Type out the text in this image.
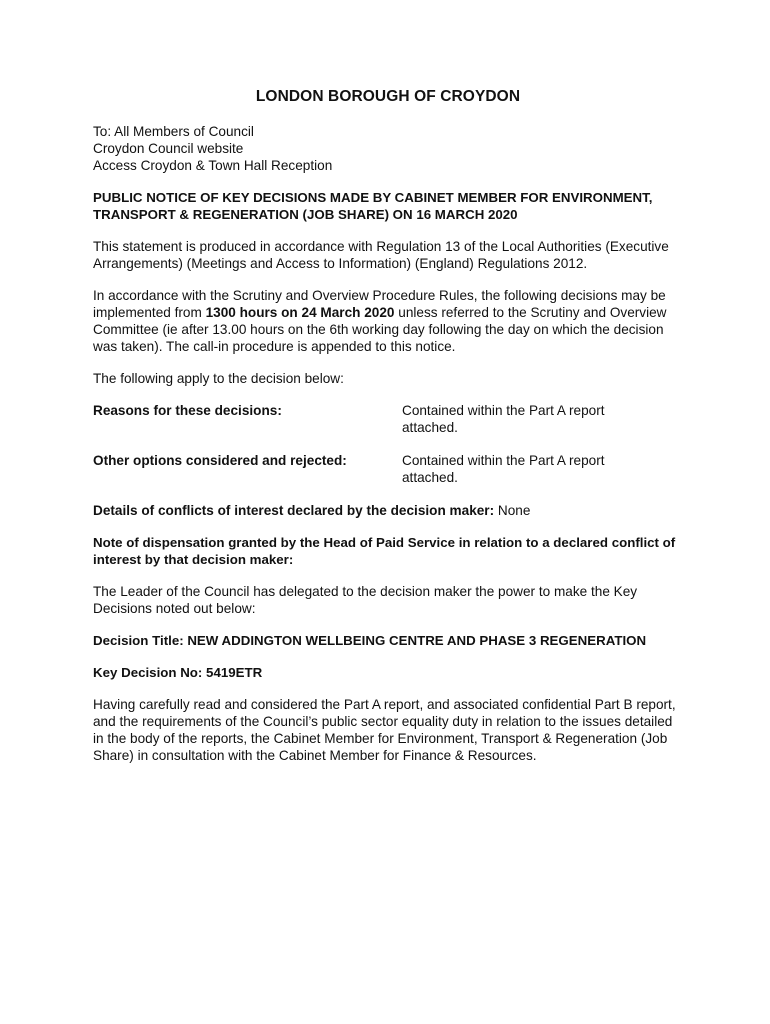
LONDON BOROUGH OF CROYDON
To: All Members of Council
Croydon Council website
Access Croydon & Town Hall Reception
PUBLIC NOTICE OF KEY DECISIONS MADE BY CABINET MEMBER FOR ENVIRONMENT, TRANSPORT & REGENERATION (JOB SHARE) ON 16 MARCH 2020
This statement is produced in accordance with Regulation 13 of the Local Authorities (Executive Arrangements) (Meetings and Access to Information) (England) Regulations 2012.
In accordance with the Scrutiny and Overview Procedure Rules, the following decisions may be implemented from 1300 hours on 24 March 2020 unless referred to the Scrutiny and Overview Committee (ie after 13.00 hours on the 6th working day following the day on which the decision was taken). The call-in procedure is appended to this notice.
The following apply to the decision below:
Reasons for these decisions:	Contained within the Part A report attached.
Other options considered and rejected:	Contained within the Part A report attached.
Details of conflicts of interest declared by the decision maker: None
Note of dispensation granted by the Head of Paid Service in relation to a declared conflict of interest by that decision maker:
The Leader of the Council has delegated to the decision maker the power to make the Key Decisions noted out below:
Decision Title: NEW ADDINGTON WELLBEING CENTRE AND PHASE 3 REGENERATION
Key Decision No: 5419ETR
Having carefully read and considered the Part A report, and associated confidential Part B report, and the requirements of the Council’s public sector equality duty in relation to the issues detailed in the body of the reports, the Cabinet Member for Environment, Transport & Regeneration (Job Share) in consultation with the Cabinet Member for Finance & Resources.
